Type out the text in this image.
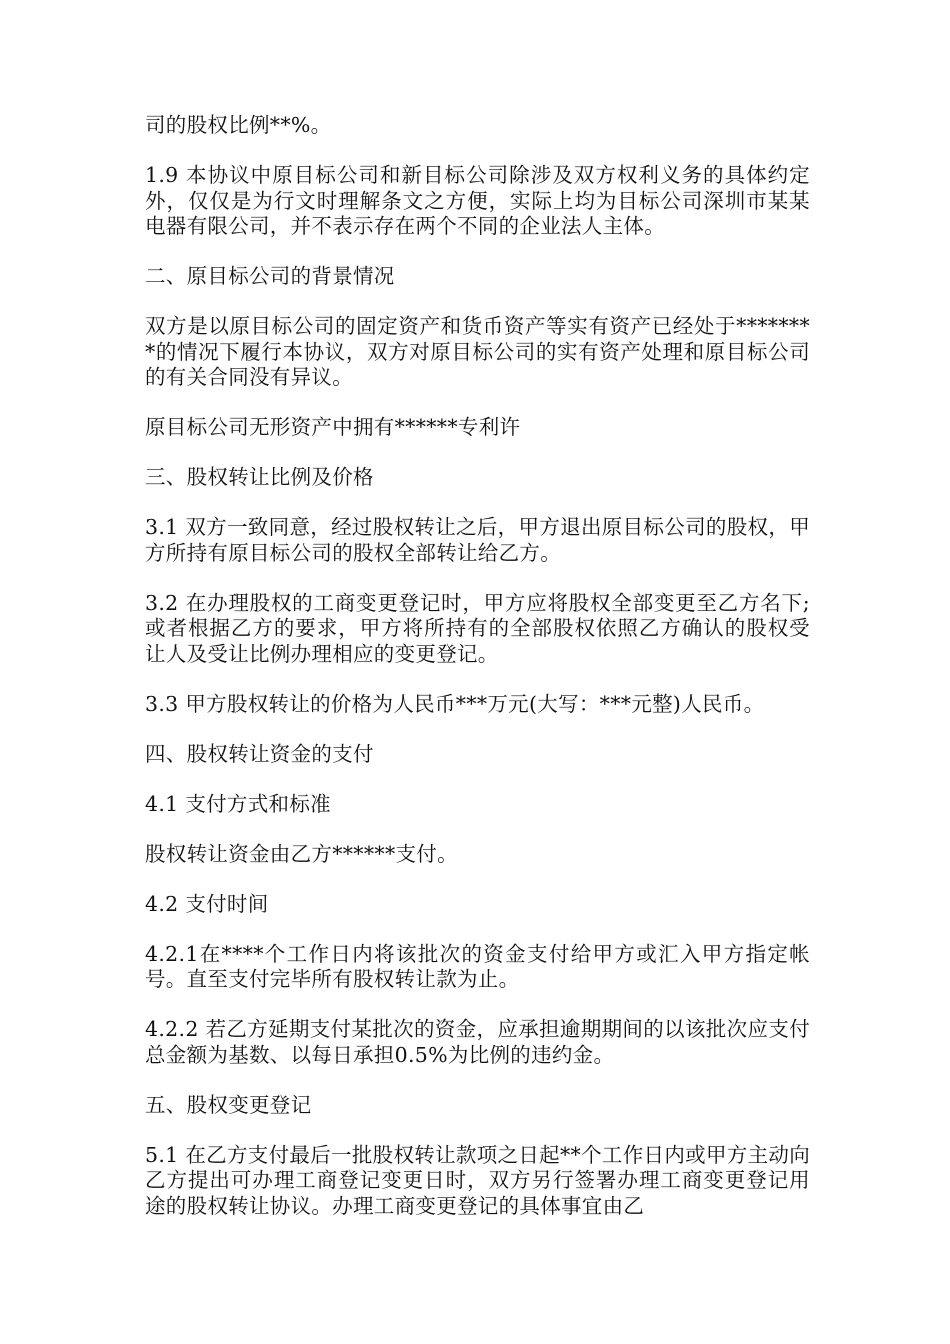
司的股权比例**%。

1.9 本协议中原目标公司和新目标公司除涉及双方权利义务的具体约定外，仅仅是为行文时理解条文之方便，实际上均为目标公司深圳市某某电器有限公司，并不表示存在两个不同的企业法人主体。

二、原目标公司的背景情况

双方是以原目标公司的固定资产和货币资产等实有资产已经处于********的情况下履行本协议，双方对原目标公司的实有资产处理和原目标公司的有关合同没有异议。

原目标公司无形资产中拥有******专利许

三、股权转让比例及价格

3.1 双方一致同意，经过股权转让之后，甲方退出原目标公司的股权，甲方所持有原目标公司的股权全部转让给乙方。

3.2 在办理股权的工商变更登记时，甲方应将股权全部变更至乙方名下;或者根据乙方的要求，甲方将所持有的全部股权依照乙方确认的股权受让人及受让比例办理相应的变更登记。

3.3 甲方股权转让的价格为人民币***万元(大写：***元整)人民币。

四、股权转让资金的支付

4.1 支付方式和标准

股权转让资金由乙方******支付。

4.2 支付时间

4.2.1在****个工作日内将该批次的资金支付给甲方或汇入甲方指定帐号。直至支付完毕所有股权转让款为止。

4.2.2 若乙方延期支付某批次的资金，应承担逾期期间的以该批次应支付总金额为基数、以每日承担0.5%为比例的违约金。

五、股权变更登记

5.1 在乙方支付最后一批股权转让款项之日起**个工作日内或甲方主动向乙方提出可办理工商登记变更日时，双方另行签署办理工商变更登记用途的股权转让协议。办理工商变更登记的具体事宜由乙
